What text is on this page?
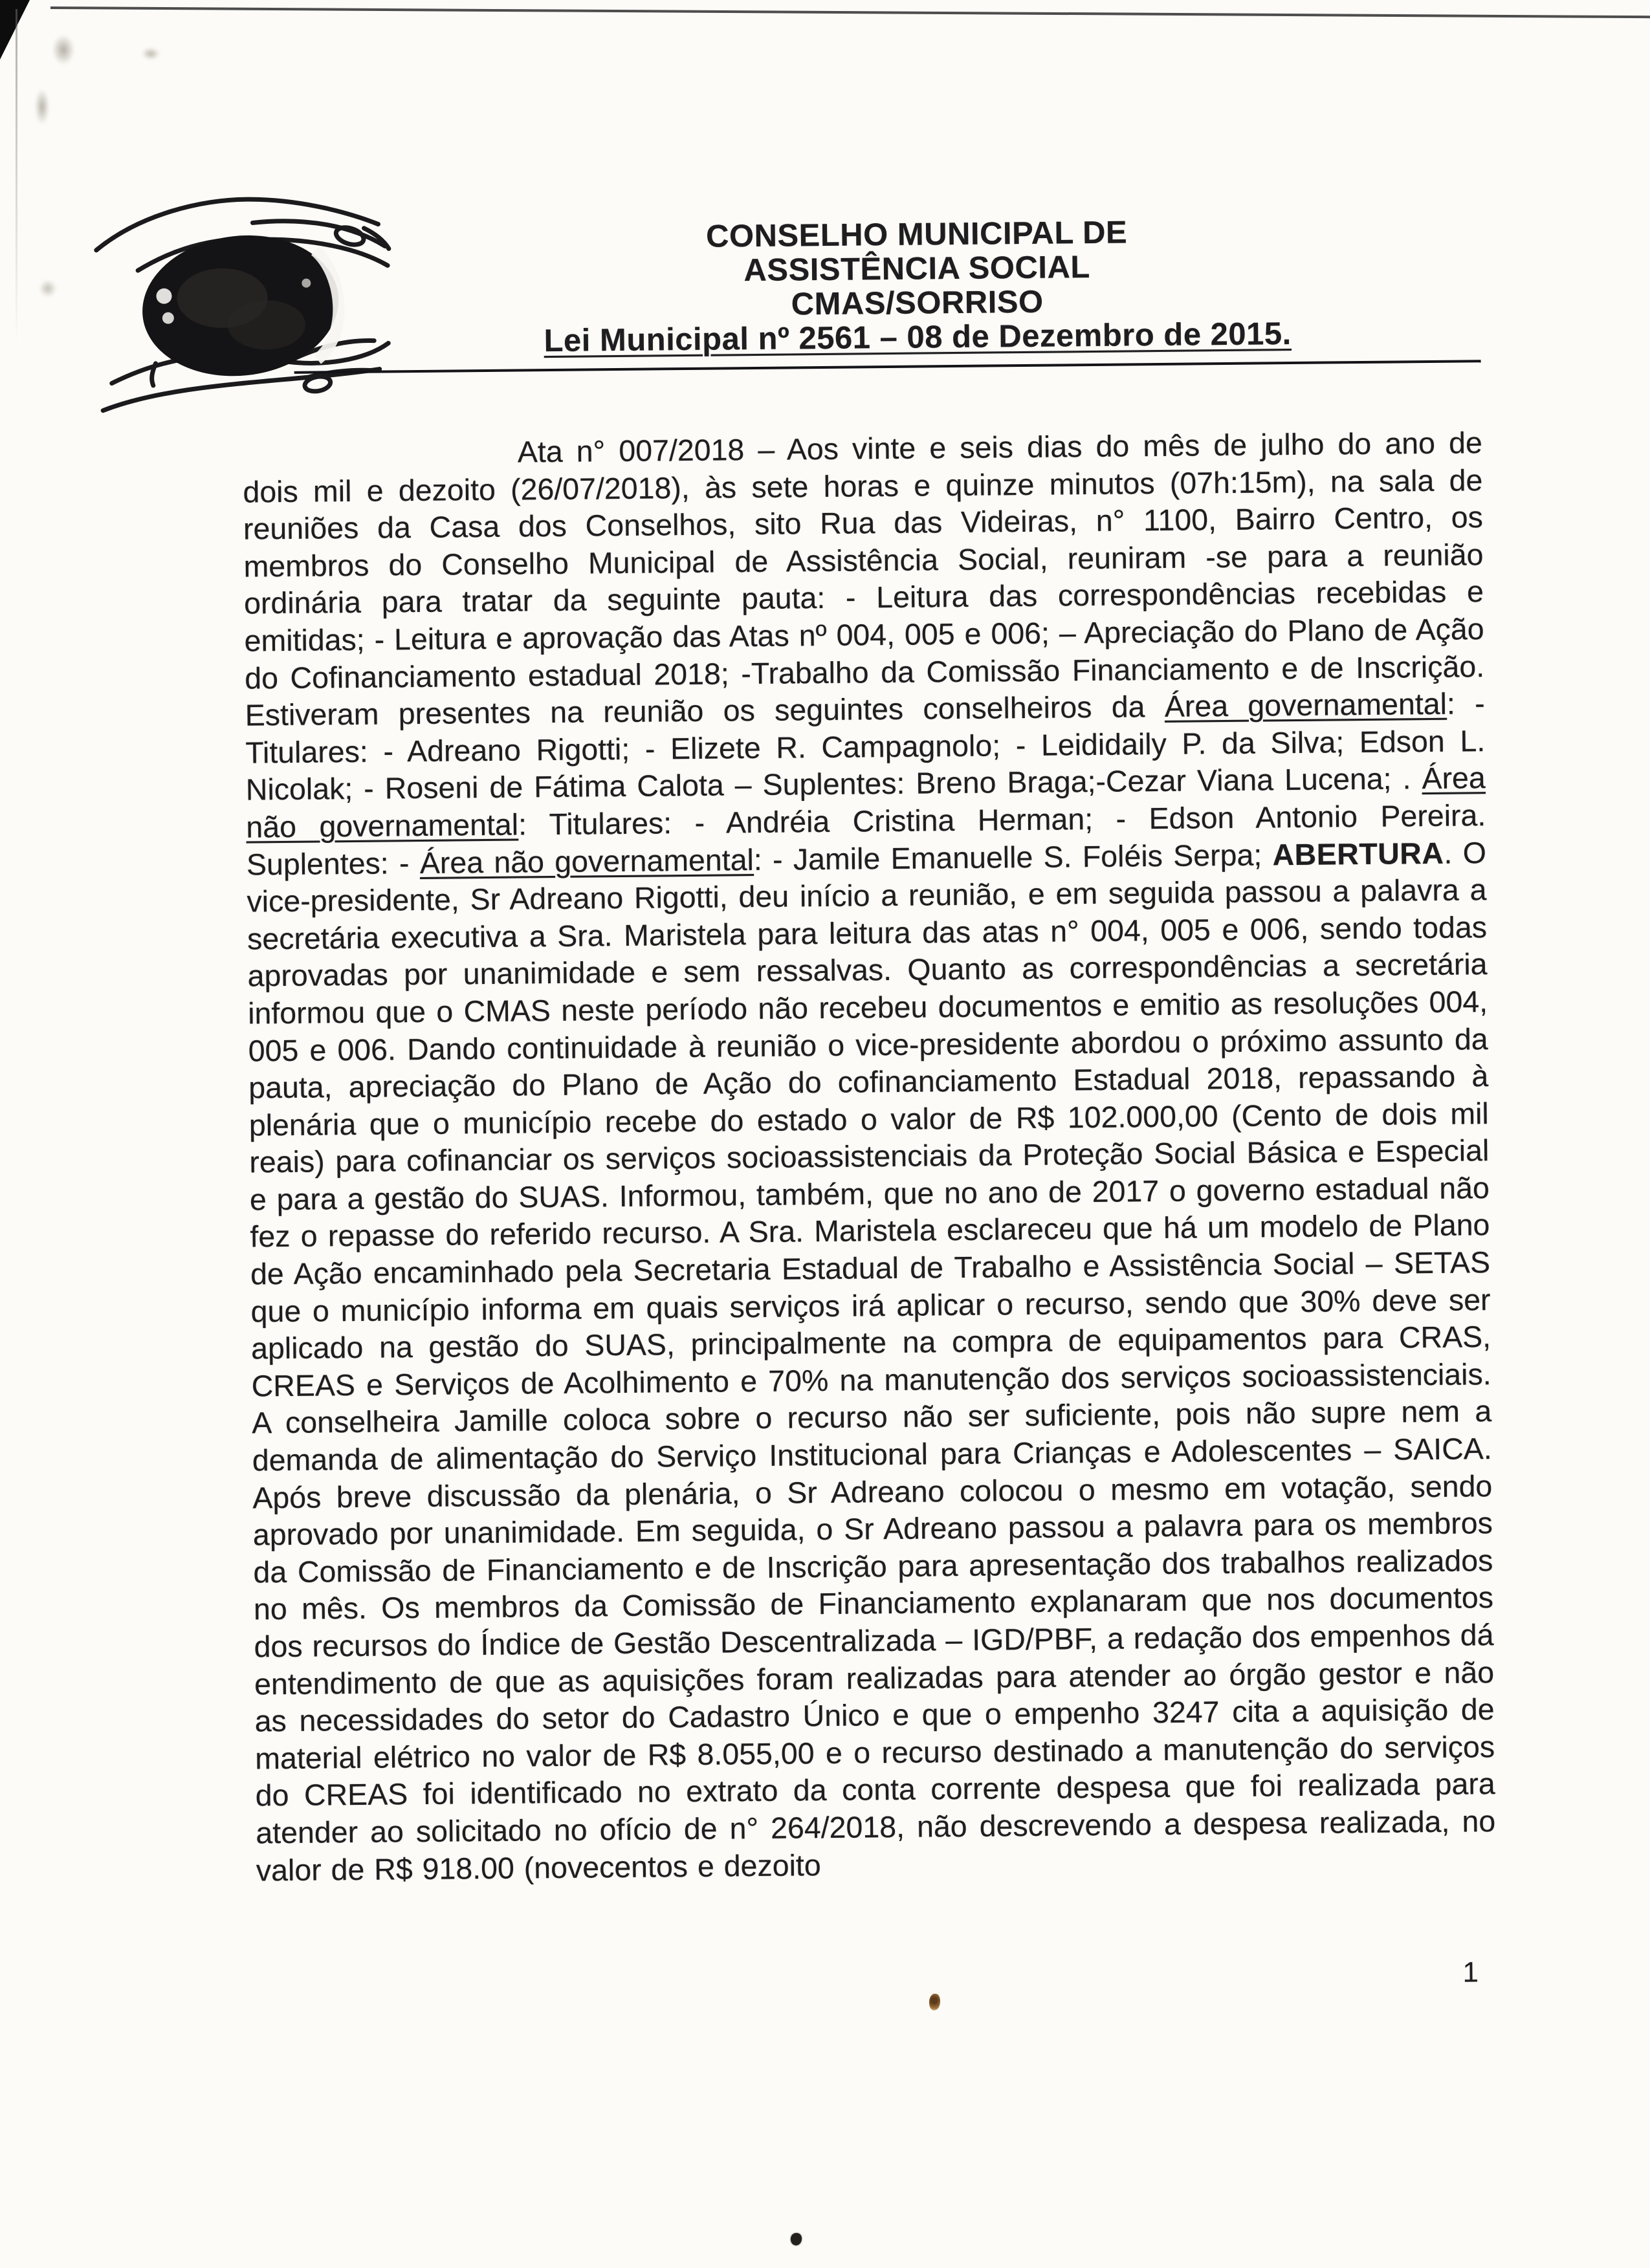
CONSELHO MUNICIPAL DE
ASSISTÊNCIA SOCIAL
CMAS/SORRISO
Lei Municipal nº 2561 – 08 de Dezembro de 2015.

Ata n° 007/2018 – Aos vinte e seis dias do mês de julho do ano de dois mil e dezoito (26/07/2018), às sete horas e quinze minutos (07h:15m), na sala de reuniões da Casa dos Conselhos, sito Rua das Videiras, n° 1100, Bairro Centro, os membros do Conselho Municipal de Assistência Social, reuniram -se para a reunião ordinária para tratar da seguinte pauta: - Leitura das correspondências recebidas e emitidas; - Leitura e aprovação das Atas nº 004, 005 e 006; – Apreciação do Plano de Ação do Cofinanciamento estadual 2018; -Trabalho da Comissão Financiamento e de Inscrição. Estiveram presentes na reunião os seguintes conselheiros da Área governamental: - Titulares: - Adreano Rigotti; - Elizete R. Campagnolo; - Leididaily P. da Silva; Edson L. Nicolak; - Roseni de Fátima Calota – Suplentes: Breno Braga;-Cezar Viana Lucena; . Área não governamental: Titulares: - Andréia Cristina Herman; - Edson Antonio Pereira. Suplentes: - Área não governamental: - Jamile Emanuelle S. Foléis Serpa; ABERTURA. O vice-presidente, Sr Adreano Rigotti, deu início a reunião, e em seguida passou a palavra a secretária executiva a Sra. Maristela para leitura das atas n° 004, 005 e 006, sendo todas aprovadas por unanimidade e sem ressalvas. Quanto as correspondências a secretária informou que o CMAS neste período não recebeu documentos e emitio as resoluções 004, 005 e 006. Dando continuidade à reunião o vice-presidente abordou o próximo assunto da pauta, apreciação do Plano de Ação do cofinanciamento Estadual 2018, repassando à plenária que o município recebe do estado o valor de R$ 102.000,00 (Cento de dois mil reais) para cofinanciar os serviços socioassistenciais da Proteção Social Básica e Especial e para a gestão do SUAS. Informou, também, que no ano de 2017 o governo estadual não fez o repasse do referido recurso. A Sra. Maristela esclareceu que há um modelo de Plano de Ação encaminhado pela Secretaria Estadual de Trabalho e Assistência Social – SETAS que o município informa em quais serviços irá aplicar o recurso, sendo que 30% deve ser aplicado na gestão do SUAS, principalmente na compra de equipamentos para CRAS, CREAS e Serviços de Acolhimento e 70% na manutenção dos serviços socioassistenciais. A conselheira Jamille coloca sobre o recurso não ser suficiente, pois não supre nem a demanda de alimentação do Serviço Institucional para Crianças e Adolescentes – SAICA. Após breve discussão da plenária, o Sr Adreano colocou o mesmo em votação, sendo aprovado por unanimidade. Em seguida, o Sr Adreano passou a palavra para os membros da Comissão de Financiamento e de Inscrição para apresentação dos trabalhos realizados no mês. Os membros da Comissão de Financiamento explanaram que nos documentos dos recursos do Índice de Gestão Descentralizada – IGD/PBF, a redação dos empenhos dá entendimento de que as aquisições foram realizadas para atender ao órgão gestor e não as necessidades do setor do Cadastro Único e que o empenho 3247 cita a aquisição de material elétrico no valor de R$ 8.055,00 e o recurso destinado a manutenção do serviços do CREAS foi identificado no extrato da conta corrente despesa que foi realizada para atender ao solicitado no ofício de n° 264/2018, não descrevendo a despesa realizada, no valor de R$ 918.00 (novecentos e dezoito

1
